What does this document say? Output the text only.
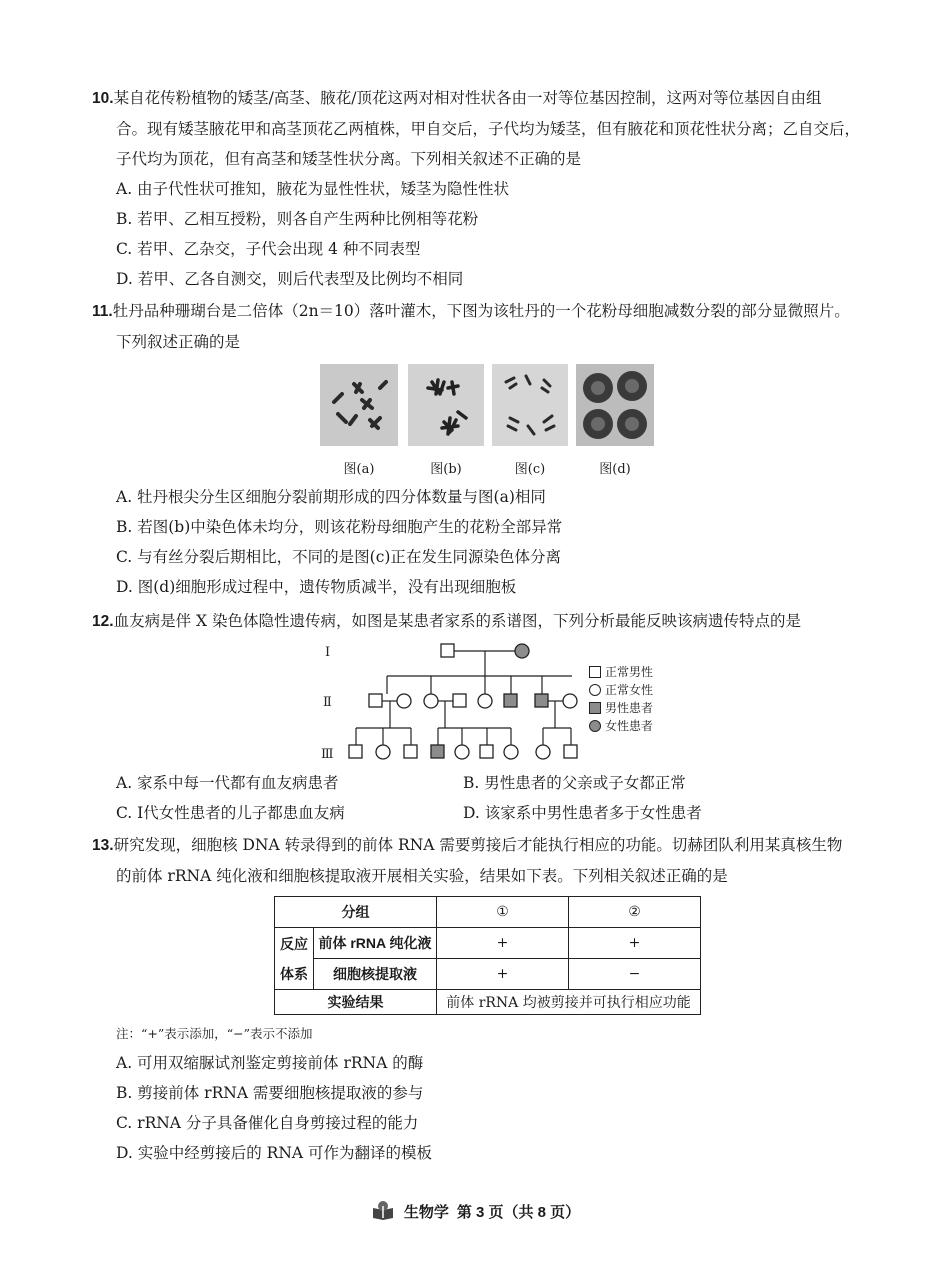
10.某自花传粉植物的矮茎/高茎、腋花/顶花这两对相对性状各由一对等位基因控制，这两对等位基因自由组
合。现有矮茎腋花甲和高茎顶花乙两植株，甲自交后，子代均为矮茎，但有腋花和顶花性状分离；乙自交后，
子代均为顶花，但有高茎和矮茎性状分离。下列相关叙述不正确的是
A. 由子代性状可推知，腋花为显性性状，矮茎为隐性性状
B. 若甲、乙相互授粉，则各自产生两种比例相等花粉
C. 若甲、乙杂交，子代会出现 4 种不同表型
D. 若甲、乙各自测交，则后代表型及比例均不相同
11.牡丹品种珊瑚台是二倍体（2n＝10）落叶灌木，下图为该牡丹的一个花粉母细胞减数分裂的部分显微照片。
下列叙述正确的是
图(a)	图(b)	图(c)	图(d)
A. 牡丹根尖分生区细胞分裂前期形成的四分体数量与图(a)相同
B. 若图(b)中染色体未均分，则该花粉母细胞产生的花粉全部异常
C. 与有丝分裂后期相比，不同的是图(c)正在发生同源染色体分离
D. 图(d)细胞形成过程中，遗传物质减半，没有出现细胞板
12.血友病是伴 X 染色体隐性遗传病，如图是某患者家系的系谱图，下列分析最能反映该病遗传特点的是
Ⅰ
Ⅱ
Ⅲ
正常男性
正常女性
男性患者
女性患者
A. 家系中每一代都有血友病患者	B. 男性患者的父亲或子女都正常
C. Ⅰ代女性患者的儿子都患血友病	D. 该家系中男性患者多于女性患者
13.研究发现，细胞核 DNA 转录得到的前体 RNA 需要剪接后才能执行相应的功能。切赫团队利用某真核生物
的前体 rRNA 纯化液和细胞核提取液开展相关实验，结果如下表。下列相关叙述正确的是
分组		①	②
反应
体系	前体 rRNA 纯化液	+	+
	细胞核提取液	+	−
实验结果		前体 rRNA 均被剪接并可执行相应功能	
注：“+”表示添加，“−”表示不添加
A. 可用双缩脲试剂鉴定剪接前体 rRNA 的酶
B. 剪接前体 rRNA 需要细胞核提取液的参与
C. rRNA 分子具备催化自身剪接过程的能力
D. 实验中经剪接后的 RNA 可作为翻译的模板
生物学 第 3 页（共 8 页）
